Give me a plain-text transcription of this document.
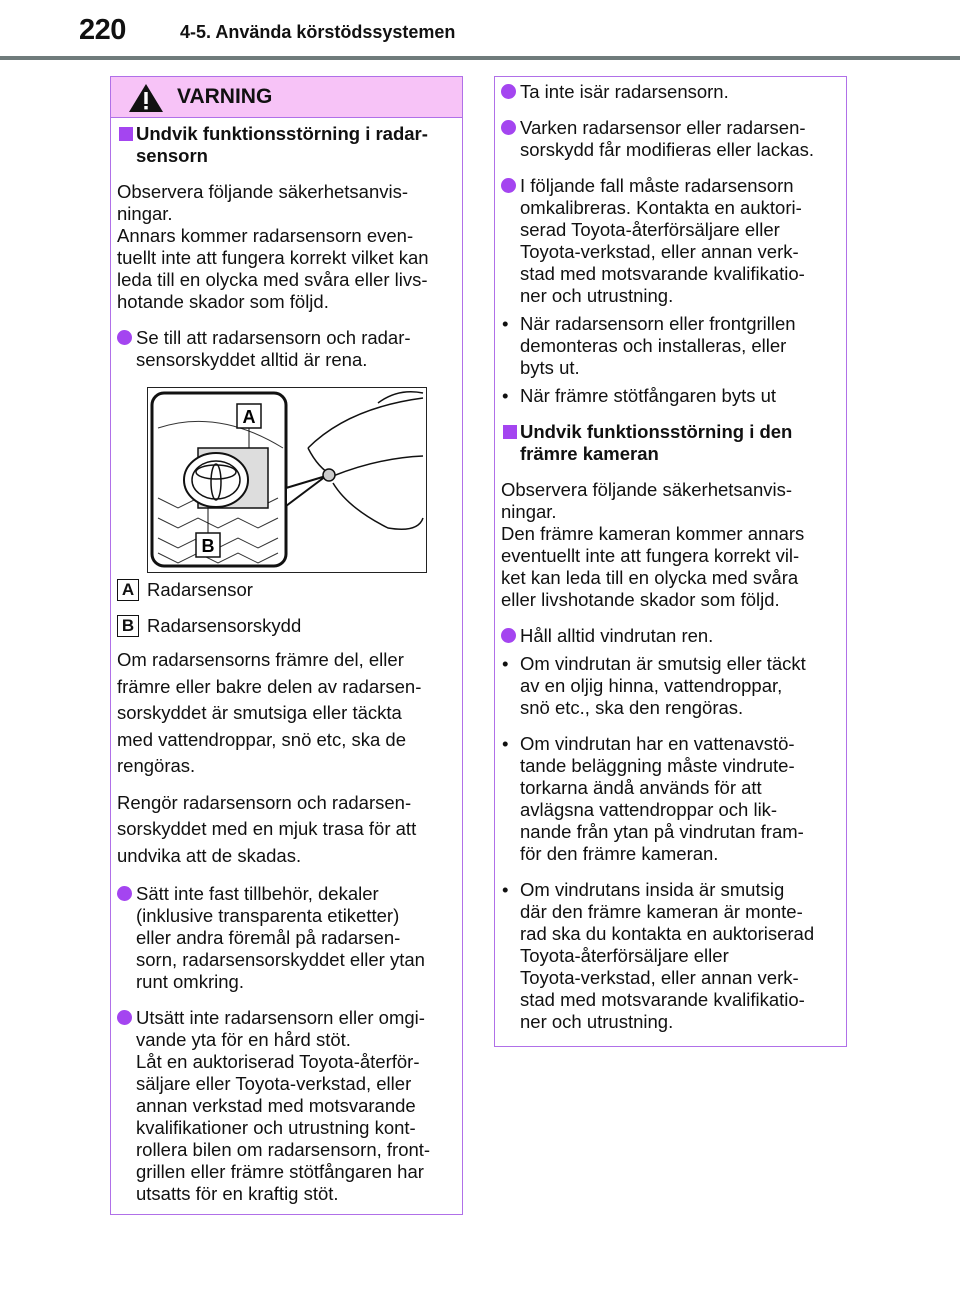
220	4-5. Använda körstödssystemen
VARNING
Undvik funktionsstörning i radar-
sensorn
Observera följande säkerhetsanvis-
ningar.
Annars kommer radarsensorn even-
tuellt inte att fungera korrekt vilket kan
leda till en olycka med svåra eller livs-
hotande skador som följd.
Se till att radarsensorn och radar-
sensorskyddet alltid är rena.
A
B
A Radarsensor
B Radarsensorskydd
Om radarsensorns främre del, eller
främre eller bakre delen av radarsen-
sorskyddet är smutsiga eller täckta
med vattendroppar, snö etc, ska de
rengöras.
Rengör radarsensorn och radarsen-
sorskyddet med en mjuk trasa för att
undvika att de skadas.
Sätt inte fast tillbehör, dekaler
(inklusive transparenta etiketter)
eller andra föremål på radarsen-
sorn, radarsensorskyddet eller ytan
runt omkring.
Utsätt inte radarsensorn eller omgi-
vande yta för en hård stöt.
Låt en auktoriserad Toyota-återför-
säljare eller Toyota-verkstad, eller
annan verkstad med motsvarande
kvalifikationer och utrustning kont-
rollera bilen om radarsensorn, front-
grillen eller främre stötfångaren har
utsatts för en kraftig stöt.
Ta inte isär radarsensorn.
Varken radarsensor eller radarsen-
sorskydd får modifieras eller lackas.
I följande fall måste radarsensorn
omkalibreras. Kontakta en auktori-
serad Toyota-återförsäljare eller
Toyota-verkstad, eller annan verk-
stad med motsvarande kvalifikatio-
ner och utrustning.
• När radarsensorn eller frontgrillen
demonteras och installeras, eller
byts ut.
• När främre stötfångaren byts ut
Undvik funktionsstörning i den
främre kameran
Observera följande säkerhetsanvis-
ningar.
Den främre kameran kommer annars
eventuellt inte att fungera korrekt vil-
ket kan leda till en olycka med svåra
eller livshotande skador som följd.
Håll alltid vindrutan ren.
• Om vindrutan är smutsig eller täckt
av en oljig hinna, vattendroppar,
snö etc., ska den rengöras.
• Om vindrutan har en vattenavstö-
tande beläggning måste vindrute-
torkarna ändå används för att
avlägsna vattendroppar och lik-
nande från ytan på vindrutan fram-
för den främre kameran.
• Om vindrutans insida är smutsig
där den främre kameran är monte-
rad ska du kontakta en auktoriserad
Toyota-återförsäljare eller
Toyota-verkstad, eller annan verk-
stad med motsvarande kvalifikatio-
ner och utrustning.
